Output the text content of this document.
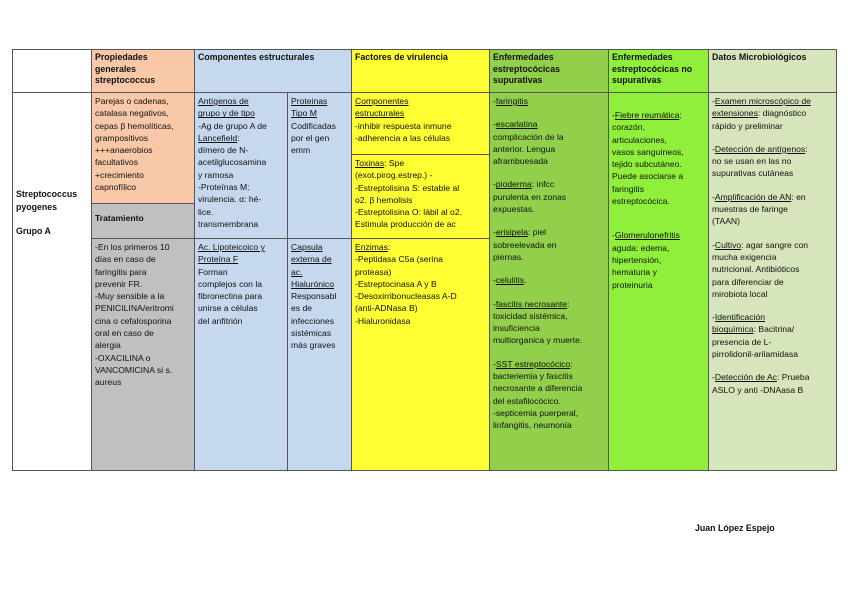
Propiedades generales streptococcus
Componentes estructurales	Factores de virulencia	Enfermedades estreptocócicas supurativas
Enfermedades estreptocócicas no supurativas
Datos Microbiológicos
Streptococcus
pyogenes
Grupo A
Parejas o cadenas,
catalasa negativos,
cepas β hemolíticas,
grampositivos
+++anaerobios
facultativos
+crecimiento
capnofílico
Tratamiento
-En los primeros 10
días en caso de
faringitis para
prevenir FR.
-Muy sensible a la
PENICILINA/eritromi
cina o cefalosporina
oral en caso de
alergia
-OXACILINA o
VANCOMICINA si s.
aureus
Antígenos de
grupo y de tipo
-Ag de grupo A de
Lancefield:
dímero de N-
acetilglucosamina
y ramosa
-Proteínas M:
virulencia. α: hé-
lice.
transmembrana
Proteinas
Tipo M
Codificadas
por el gen
emm
Ac. Lipoteicoico y
Proteína F
Forman
complejos con la
fibronectina para
unirse a células
del anfitrión
Capsula
externa de
ac.
Hialurónico
Responsabl
es de
infecciones
sistémicas
más graves
Componentes
estructurales
-inhibir respuesta inmune
-adherencia a las células
Toxinas: Spe
(exot.pirog.estrep.) -
-Estreptolisina S: estable al
o2. β hemolisis
-Estreptolisina O: lábil al o2.
Estimula producción de ac
Enzimas:
-Peptidasa C5a (serina
proteasa)
-Estreptocinasa A y B
-Desoxirribonucleasas A-D
(anti-ADNasa B)
-Hialuronidasa
-faringitis
-escarlatina
complicación de la
anterior. Lengua
aframbuesada
-pioderma: infcc
purulenta en zonas
expuestas.
-erisipela: piel
sobreelevada en
piernas.
-celulitis.
-fascitis necrosante:
toxicidad sistémica,
insuficiencia
multiorganica y muerte.
-SST estreptocócico:
bacteriemia y fascitis
necrosante a diferencia
del estafilocócico.
-septicemia puerperal,
linfangitis, neumonía
-Fiebre reumática:
corazón,
articulaciones,
vasos sanguíneos,
tejido subcutáneo.
Puede asociarse a
faringitis
estreptocócica.
-Glomerulonefritis
aguda: edema,
hipertensión,
hematuria y
proteinuria
-Examen microscópico de
extensiones: diagnóstico
rápido y preliminar
-Detección de antígenos:
no se usan en las no
supurativas cutáneas
-Amplificación de AN: en
muestras de faringe
(TAAN)
-Cultivo: agar sangre con
mucha exigencia
nutricional. Antibióticos
para diferenciar de
mirobiota local
-Identificación
bioquímica: Bacitrina/
presencia de L-
pirrolidonil-arilamidasa
-Detección de Ac: Prueba
ASLO y anti -DNAasa B
Juan López Espejo
